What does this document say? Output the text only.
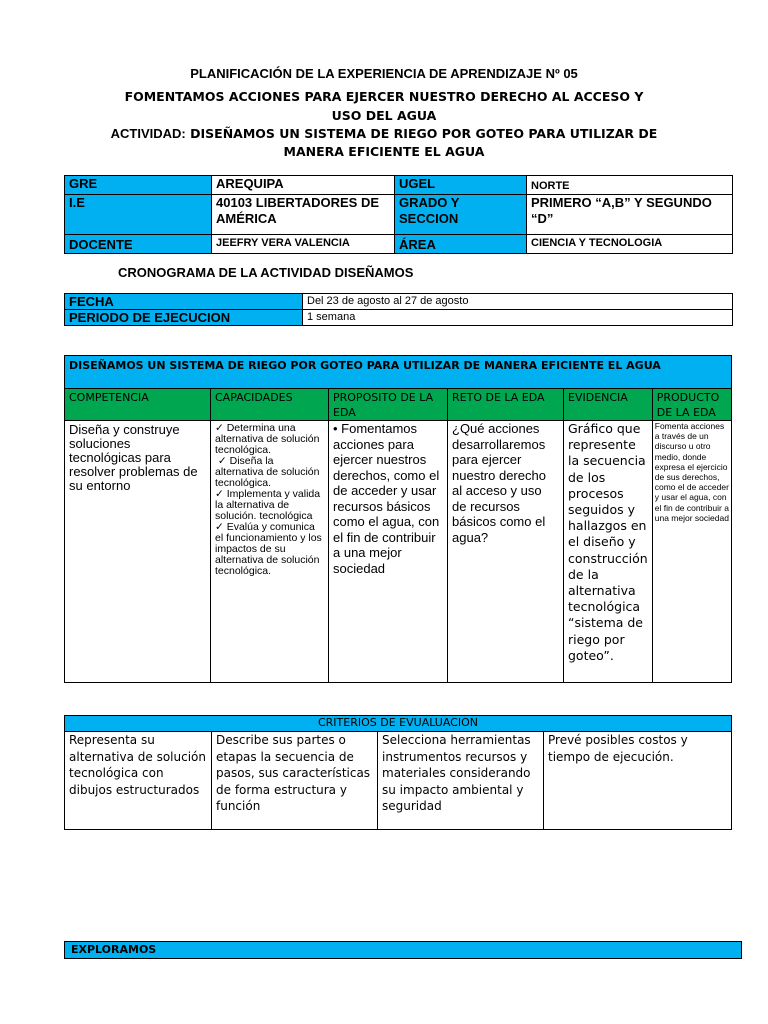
PLANIFICACIÓN DE LA EXPERIENCIA DE APRENDIZAJE Nº 05
FOMENTAMOS ACCIONES PARA EJERCER NUESTRO DERECHO AL ACCESO Y USO DEL AGUA
ACTIVIDAD: DISEÑAMOS UN SISTEMA DE RIEGO POR GOTEO PARA UTILIZAR DE MANERA EFICIENTE EL AGUA
GRE	AREQUIPA	UGEL	NORTE
I.E	40103 LIBERTADORES DE AMÉRICA	GRADO Y SECCION	PRIMERO “A,B” Y SEGUNDO “D”
DOCENTE	JEEFRY VERA VALENCIA	ÁREA	CIENCIA Y TECNOLOGIA
CRONOGRAMA DE LA ACTIVIDAD DISEÑAMOS
FECHA	Del 23 de agosto al 27 de agosto
PERIODO DE EJECUCION	1 semana
DISEÑAMOS UN SISTEMA DE RIEGO POR GOTEO PARA UTILIZAR DE MANERA EFICIENTE EL AGUA					
COMPETENCIA	CAPACIDADES	PROPOSITO DE LA EDA	RETO DE LA EDA	EVIDENCIA	PRODUCTO DE LA EDA
Diseña y construye soluciones tecnológicas para resolver problemas de su entorno	✓ Determina una alternativa de solución tecnológica.
✓ Diseña la alternativa de solución tecnológica.
✓ Implementa y valida la alternativa de solución. tecnológica
✓ Evalúa y comunica el funcionamiento y los impactos de su alternativa de solución tecnológica.	• Fomentamos acciones para ejercer nuestros derechos, como el de acceder y usar recursos básicos como el agua, con el fin de contribuir a una mejor sociedad	¿Qué acciones desarrollaremos para ejercer nuestro derecho al acceso y uso de recursos básicos como el agua?	Gráfico que represente la secuencia de los procesos seguidos y hallazgos en el diseño y construcción de la alternativa tecnológica “sistema de riego por goteo”.	Fomenta acciones a través de un discurso u otro medio, donde expresa el ejercicio de sus derechos, como el de acceder y usar el agua, con el fin de contribuir a una mejor sociedad
CRITERIOS DE EVUALUACION
Representa su alternativa de solución tecnológica con dibujos estructurados	Describe sus partes o etapas la secuencia de pasos, sus características de forma estructura y función	Selecciona herramientas instrumentos recursos y materiales considerando su impacto ambiental y seguridad	Prevé posibles costos y tiempo de ejecución.
EXPLORAMOS
